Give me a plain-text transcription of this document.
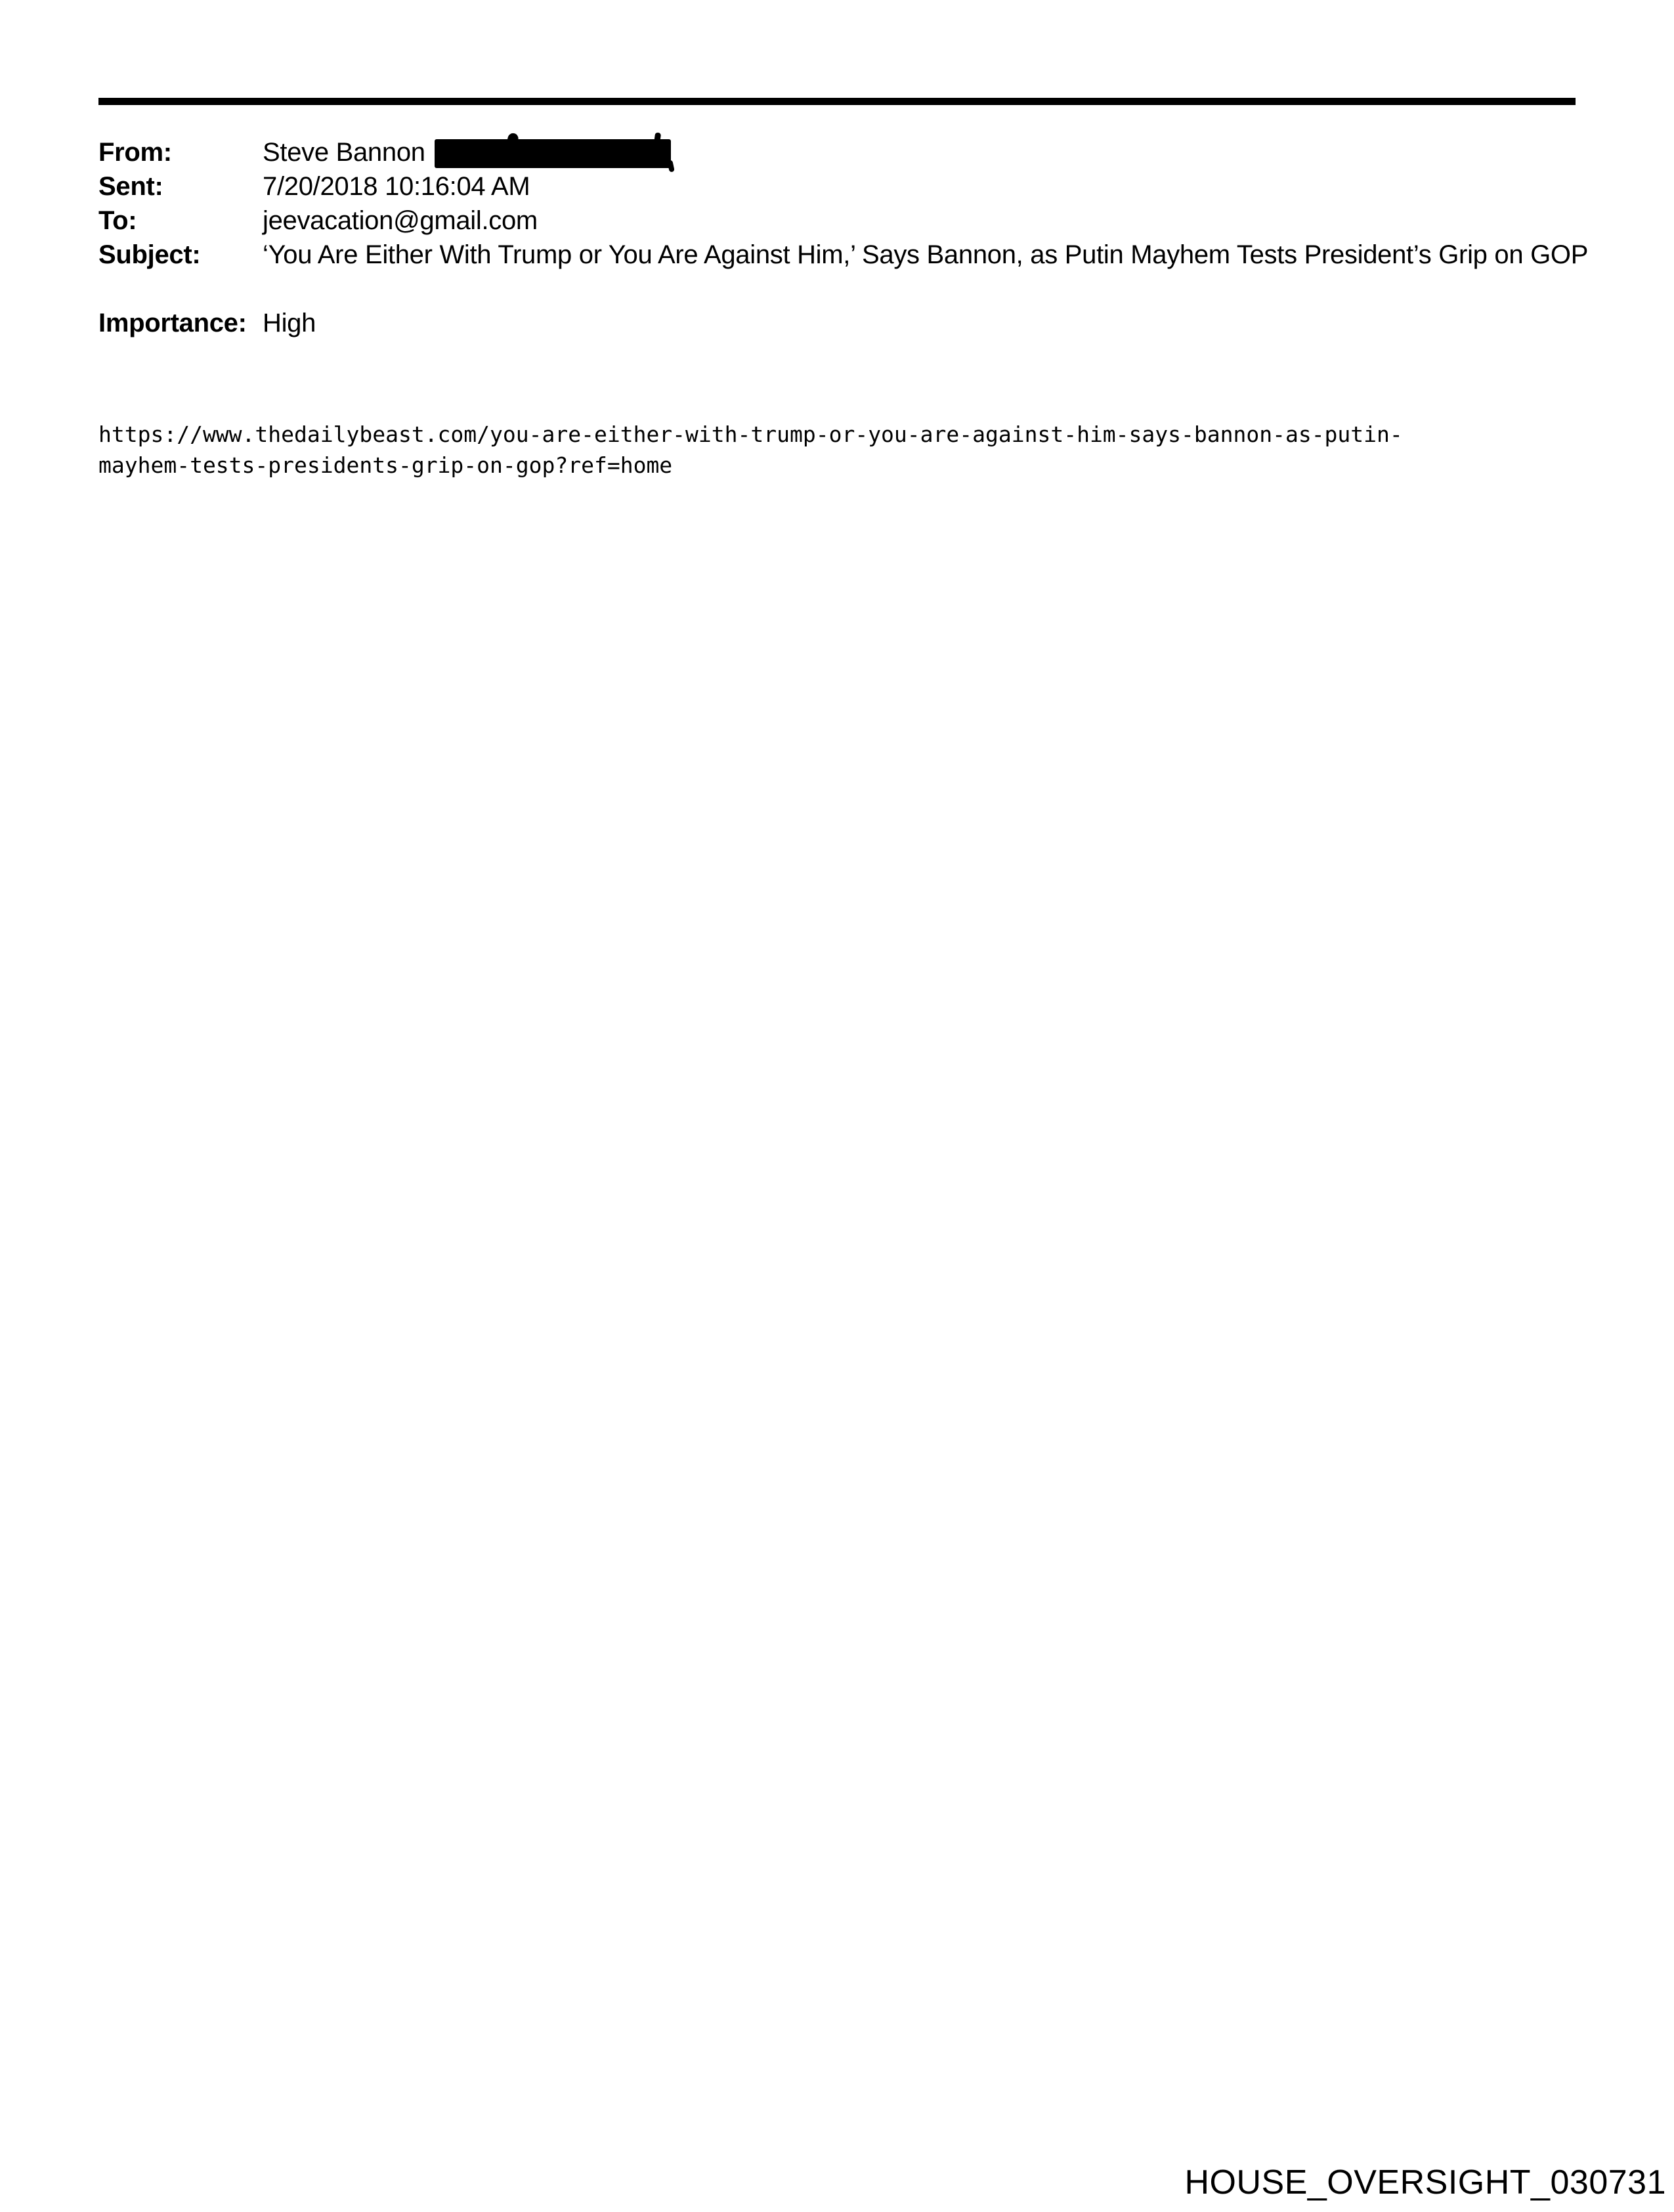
From:	Steve Bannon
Sent:	7/20/2018 10:16:04 AM
To:	jeevacation@gmail.com
Subject:	‘You Are Either With Trump or You Are Against Him,’ Says Bannon, as Putin Mayhem Tests President’s Grip on GOP
Importance: High
https://www.thedailybeast.com/you-are-either-with-trump-or-you-are-against-him-says-bannon-as-putin-
mayhem-tests-presidents-grip-on-gop?ref=home
HOUSE_OVERSIGHT_030731
